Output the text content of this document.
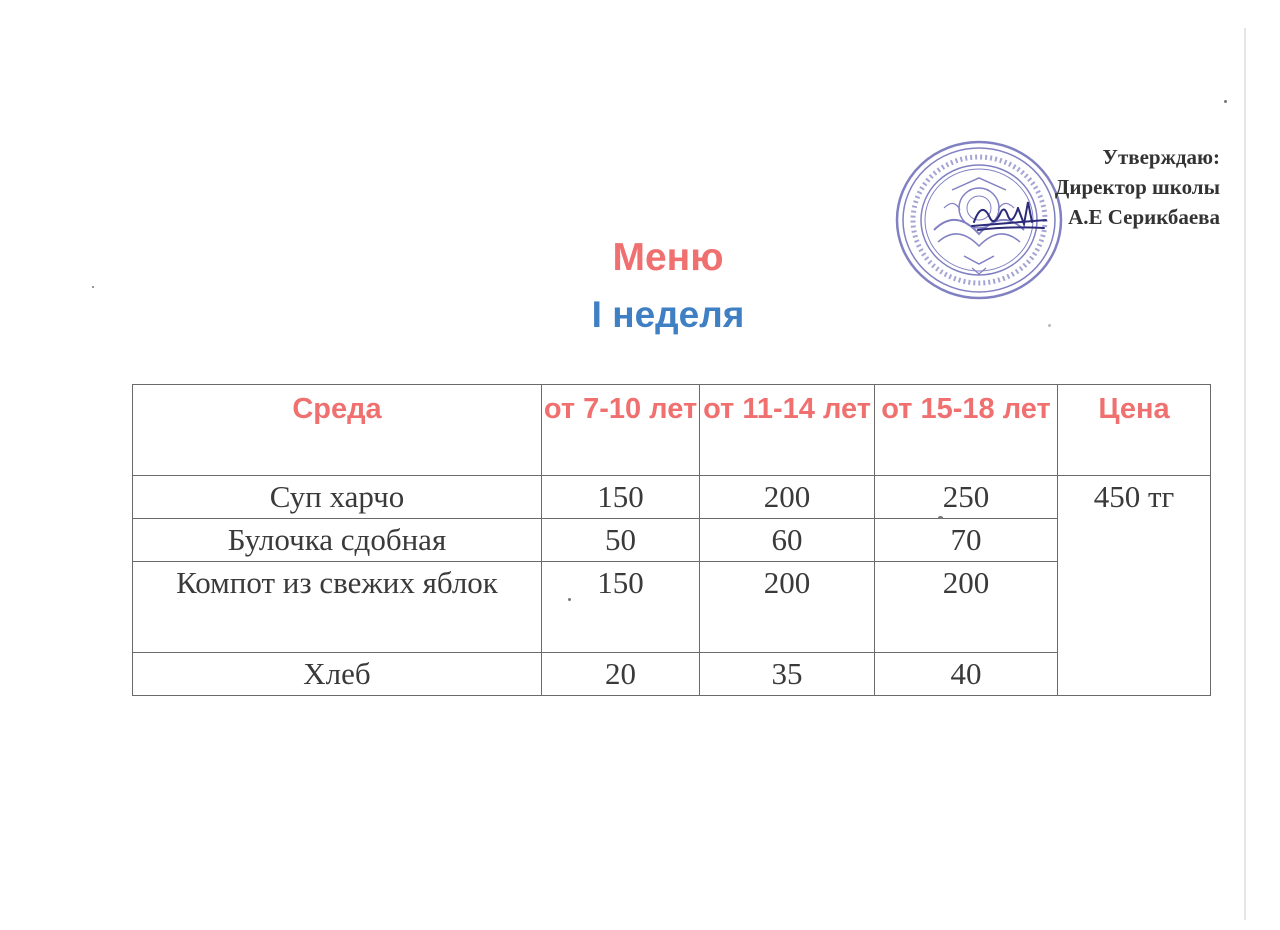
Утверждаю:
Директор школы
А.Е Серикбаева
Меню
I неделя
Среда	от 7-10 лет	от 11-14 лет	от 15-18 лет	Цена
Суп харчо	150	200	250	450 тг
Булочка сдобная	50	60	70	
Компот из свежих яблок	150	200	200	
Хлеб	20	35	40	
